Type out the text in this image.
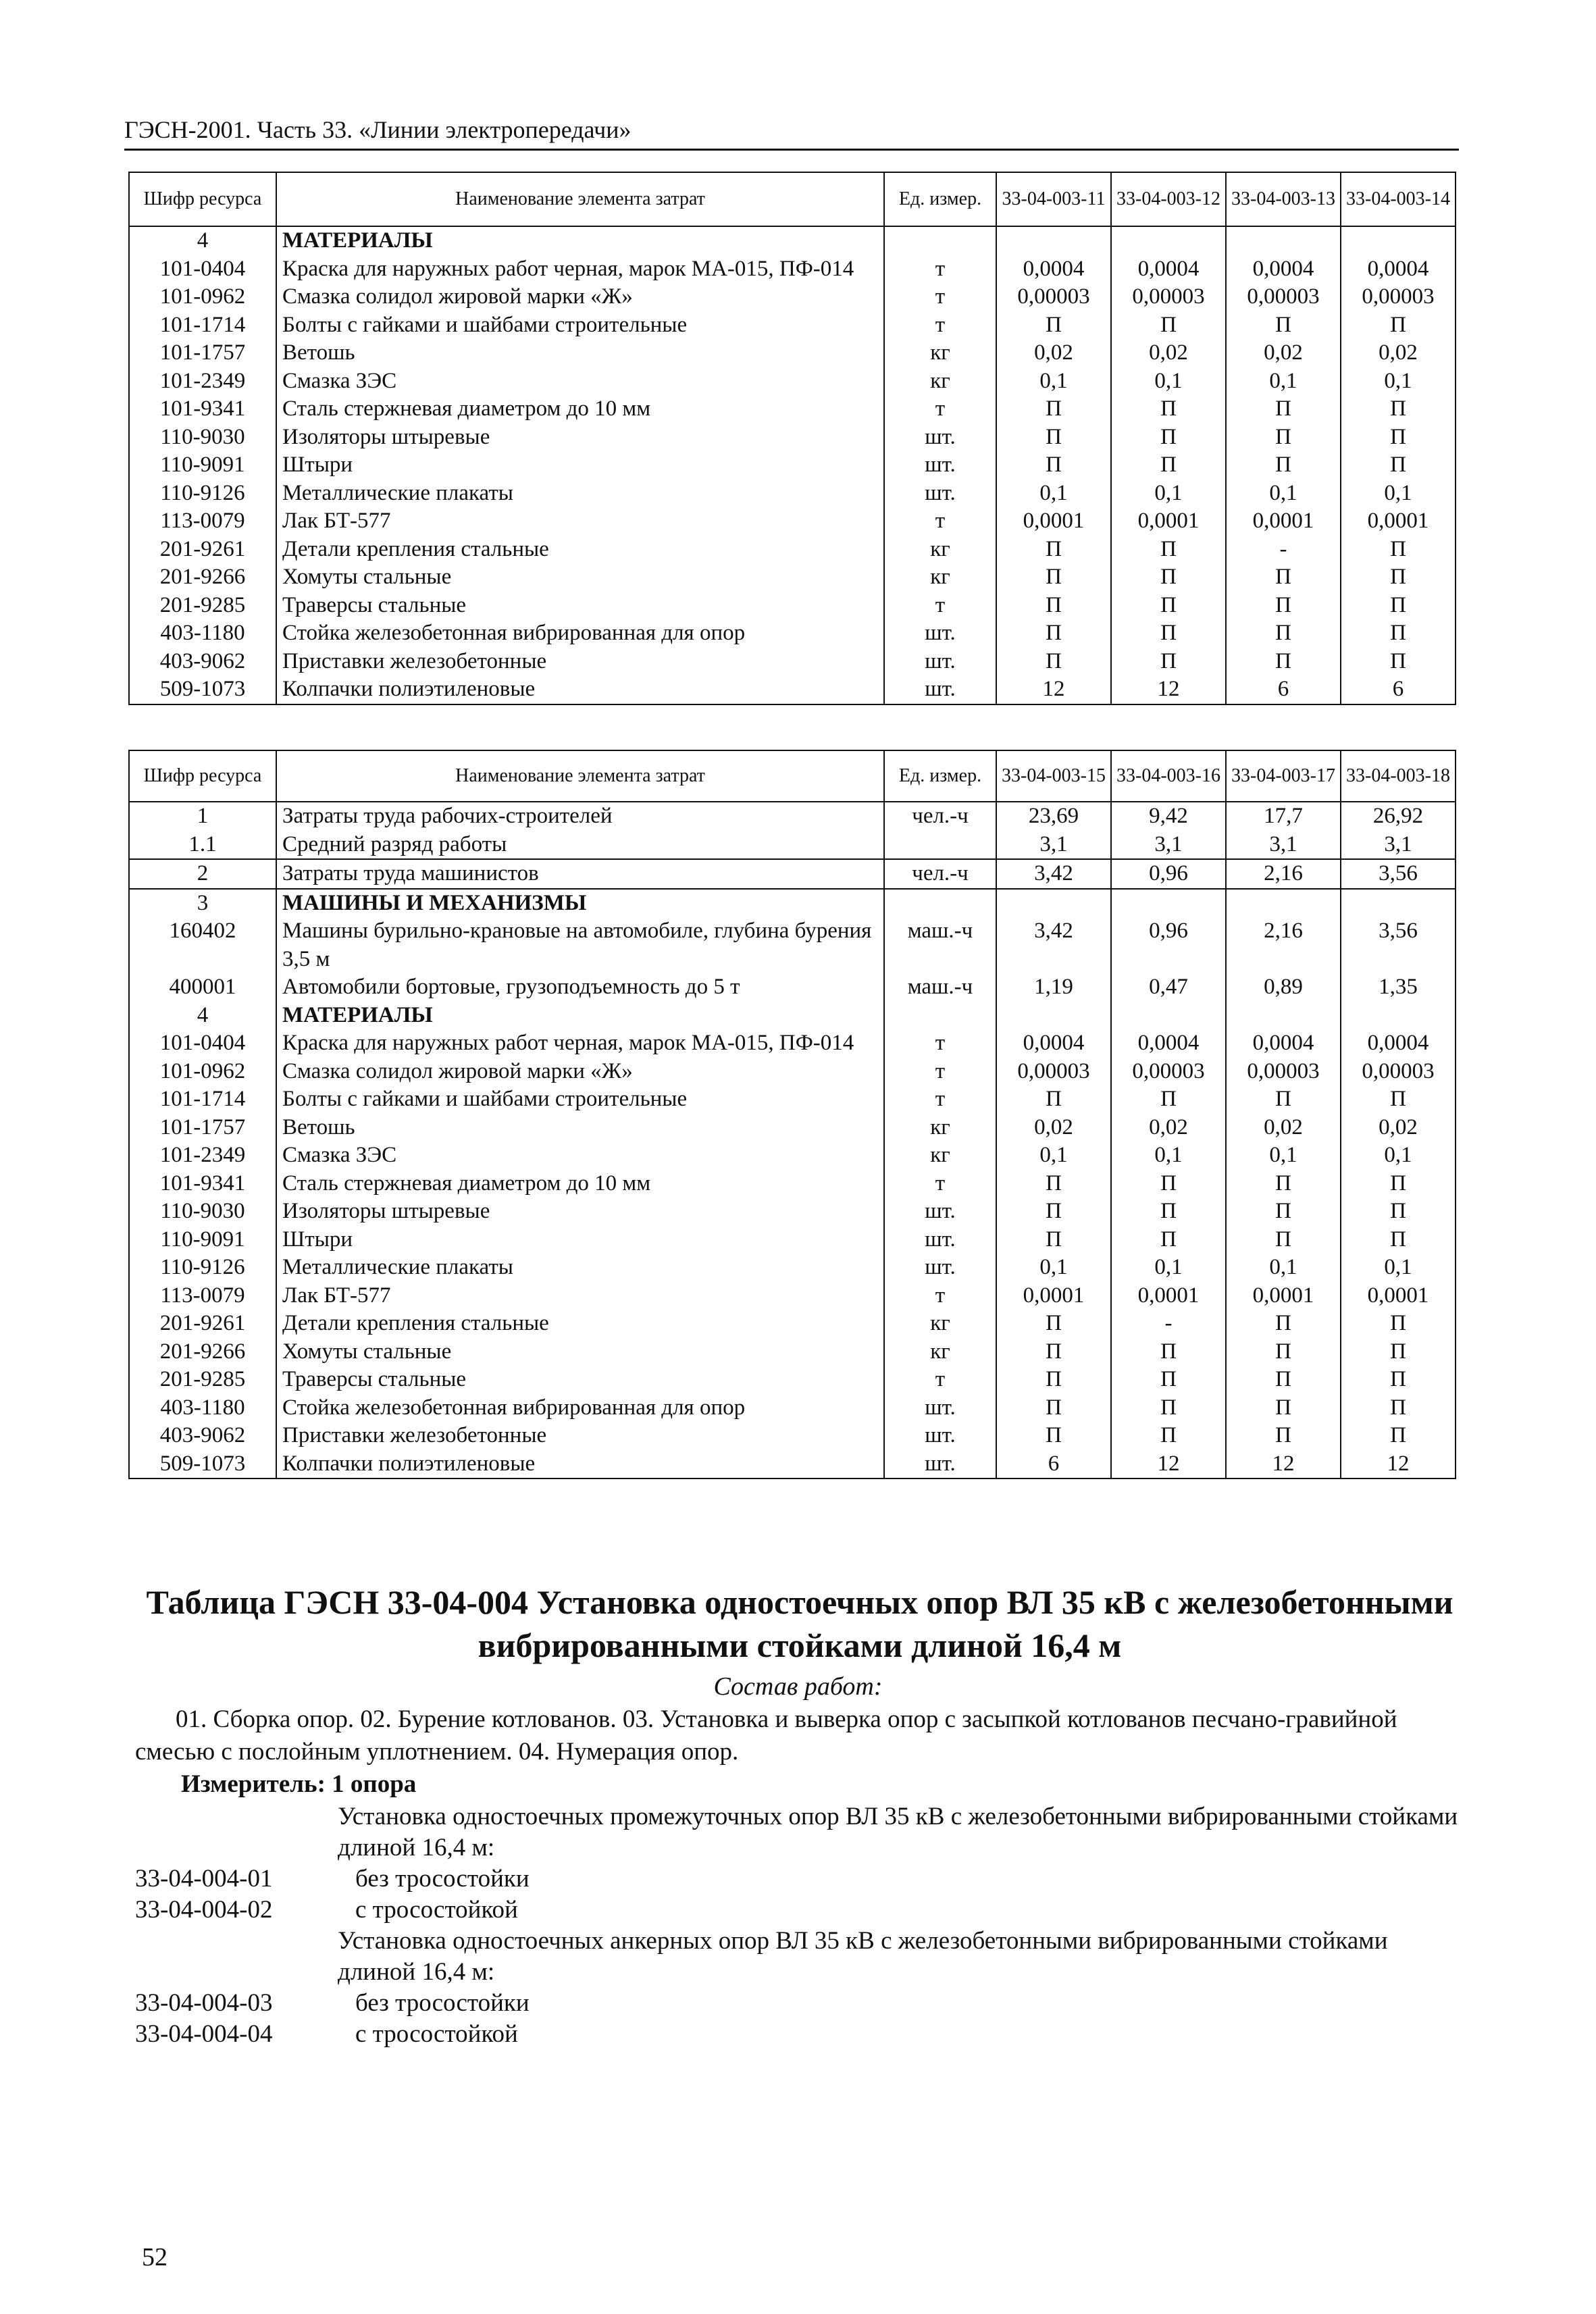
ГЭСН-2001. Часть 33. «Линии электропередачи»
Шифр ресурса	Наименование элемента затрат	Ед. измер.	33-04-003-11	33-04-003-12	33-04-003-13	33-04-003-14
4	МАТЕРИАЛЫ					
101-0404	Краска для наружных работ черная, марок МА-015, ПФ-014	т	0,0004	0,0004	0,0004	0,0004
101-0962	Смазка солидол жировой марки «Ж»	т	0,00003	0,00003	0,00003	0,00003
101-1714	Болты с гайками и шайбами строительные	т	П	П	П	П
101-1757	Ветошь	кг	0,02	0,02	0,02	0,02
101-2349	Смазка ЗЭС	кг	0,1	0,1	0,1	0,1
101-9341	Сталь стержневая диаметром до 10 мм	т	П	П	П	П
110-9030	Изоляторы штыревые	шт.	П	П	П	П
110-9091	Штыри	шт.	П	П	П	П
110-9126	Металлические плакаты	шт.	0,1	0,1	0,1	0,1
113-0079	Лак БТ-577	т	0,0001	0,0001	0,0001	0,0001
201-9261	Детали крепления стальные	кг	П	П	-	П
201-9266	Хомуты стальные	кг	П	П	П	П
201-9285	Траверсы стальные	т	П	П	П	П
403-1180	Стойка железобетонная вибрированная для опор	шт.	П	П	П	П
403-9062	Приставки железобетонные	шт.	П	П	П	П
509-1073	Колпачки полиэтиленовые	шт.	12	12	6	6
Шифр ресурса	Наименование элемента затрат	Ед. измер.	33-04-003-15	33-04-003-16	33-04-003-17	33-04-003-18
1	Затраты труда рабочих-строителей	чел.-ч	23,69	9,42	17,7	26,92
1.1	Средний разряд работы		3,1	3,1	3,1	3,1
2	Затраты труда машинистов	чел.-ч	3,42	0,96	2,16	3,56
3	МАШИНЫ И МЕХАНИЗМЫ					
160402	Машины бурильно-крановые на автомобиле, глубина бурения 3,5 м	маш.-ч	3,42	0,96	2,16	3,56
400001	Автомобили бортовые, грузоподъемность до 5 т	маш.-ч	1,19	0,47	0,89	1,35
4	МАТЕРИАЛЫ					
101-0404	Краска для наружных работ черная, марок МА-015, ПФ-014	т	0,0004	0,0004	0,0004	0,0004
101-0962	Смазка солидол жировой марки «Ж»	т	0,00003	0,00003	0,00003	0,00003
101-1714	Болты с гайками и шайбами строительные	т	П	П	П	П
101-1757	Ветошь	кг	0,02	0,02	0,02	0,02
101-2349	Смазка ЗЭС	кг	0,1	0,1	0,1	0,1
101-9341	Сталь стержневая диаметром до 10 мм	т	П	П	П	П
110-9030	Изоляторы штыревые	шт.	П	П	П	П
110-9091	Штыри	шт.	П	П	П	П
110-9126	Металлические плакаты	шт.	0,1	0,1	0,1	0,1
113-0079	Лак БТ-577	т	0,0001	0,0001	0,0001	0,0001
201-9261	Детали крепления стальные	кг	П	-	П	П
201-9266	Хомуты стальные	кг	П	П	П	П
201-9285	Траверсы стальные	т	П	П	П	П
403-1180	Стойка железобетонная вибрированная для опор	шт.	П	П	П	П
403-9062	Приставки железобетонные	шт.	П	П	П	П
509-1073	Колпачки полиэтиленовые	шт.	6	12	12	12
Таблица ГЭСН 33-04-004 Установка одностоечных опор ВЛ 35 кВ с железобетонными вибрированными стойками длиной 16,4 м
Состав работ:
01. Сборка опор. 02. Бурение котлованов. 03. Установка и выверка опор с засыпкой котлованов песчано-гравийной смесью с послойным уплотнением. 04. Нумерация опор.
Измеритель: 1 опора
Установка одностоечных промежуточных опор ВЛ 35 кВ с железобетонными вибрированными стойками длиной 16,4 м:
33-04-004-01	без тросостойки
33-04-004-02	с тросостойкой
Установка одностоечных анкерных опор ВЛ 35 кВ с железобетонными вибрированными стойками длиной 16,4 м:
33-04-004-03	без тросостойки
33-04-004-04	с тросостойкой
52
